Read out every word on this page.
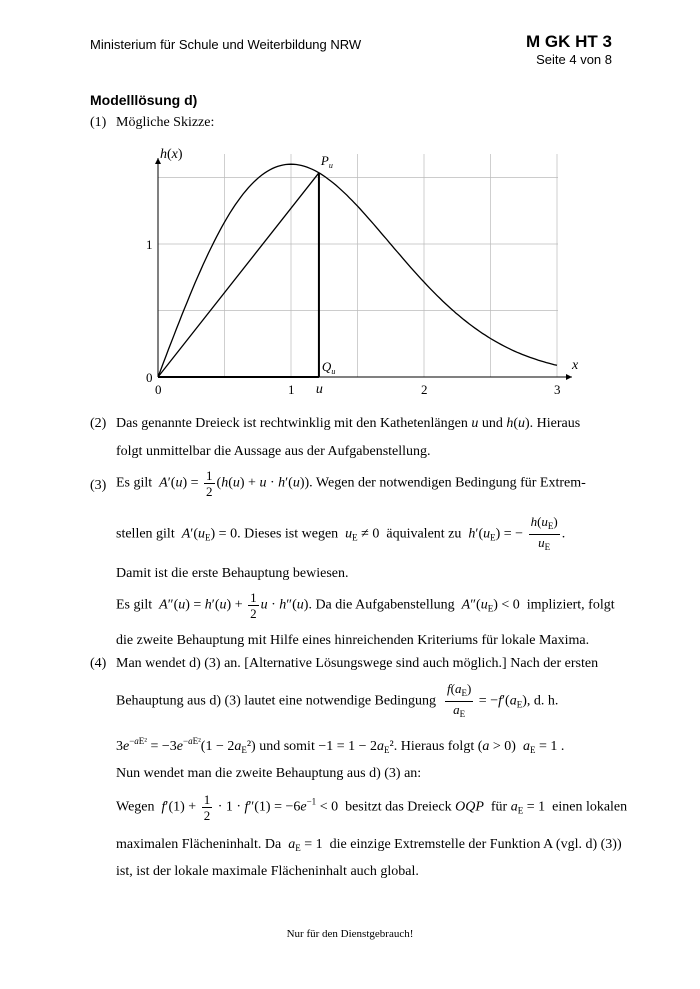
Ministerium für Schule und Weiterbildung NRW	M GK HT 3
Seite 4 von 8
Modelllösung d)
(1) Mögliche Skizze:
h(x)
x
0	1	2	3
0
1
$P_u$
$Q_u$
u
(2) Das genannte Dreieck ist rechtwinklig mit den Kathetenlängen u und h(u). Hieraus
folgt unmittelbar die Aussage aus der Aufgabenstellung.
(3) Es gilt $A'(u) = \frac{1}{2} (h(u) + u \cdot h'(u))$. Wegen der notwendigen Bedingung für Extrem-
stellen gilt $A'(u_E) = 0$. Dieses ist wegen $u_E \ne 0$  äquivalent zu $h'(u_E)$ = − $\frac{h(u_E)}{u_E}$ .
Damit ist die erste Behauptung bewiesen.
Es gilt $A''(u) = h'(u) + \frac{1}{2}$ u · h″(u). Da die Aufgabenstellung $A''(u_E) < 0$  impliziert, folgt
die zweite Behauptung mit Hilfe eines hinreichenden Kriteriums für lokale Maxima.
(4) Man wendet d) (3) an. [Alternative Lösungswege sind auch möglich.] Nach der ersten
Behauptung aus d) (3) lautet eine notwendige Bedingung $\frac{f(a_E)}{a_E} = -f'(a_E)$, d. h.
$3e^{-aE^2} = -3e^{-aE^2}(1 - 2a_E^2)$ und somit $-1 = 1 - 2a_E^2$. Hieraus folgt (a > 0) $a_E = 1$ .
Nun wendet man die zweite Behauptung aus d) (3) an:
Wegen $f'(1) + \frac{1}{2} \cdot 1 \cdot f''(1) = -6e^{-1} < 0$  besitzt das Dreieck OQP für $a_E = 1$  einen lokalen
maximalen Flächeninhalt. Da $a_E = 1$  die einzige Extremstelle der Funktion A (vgl. d) (3))
ist, ist der lokale maximale Flächeninhalt auch global.
Nur für den Dienstgebrauch!
